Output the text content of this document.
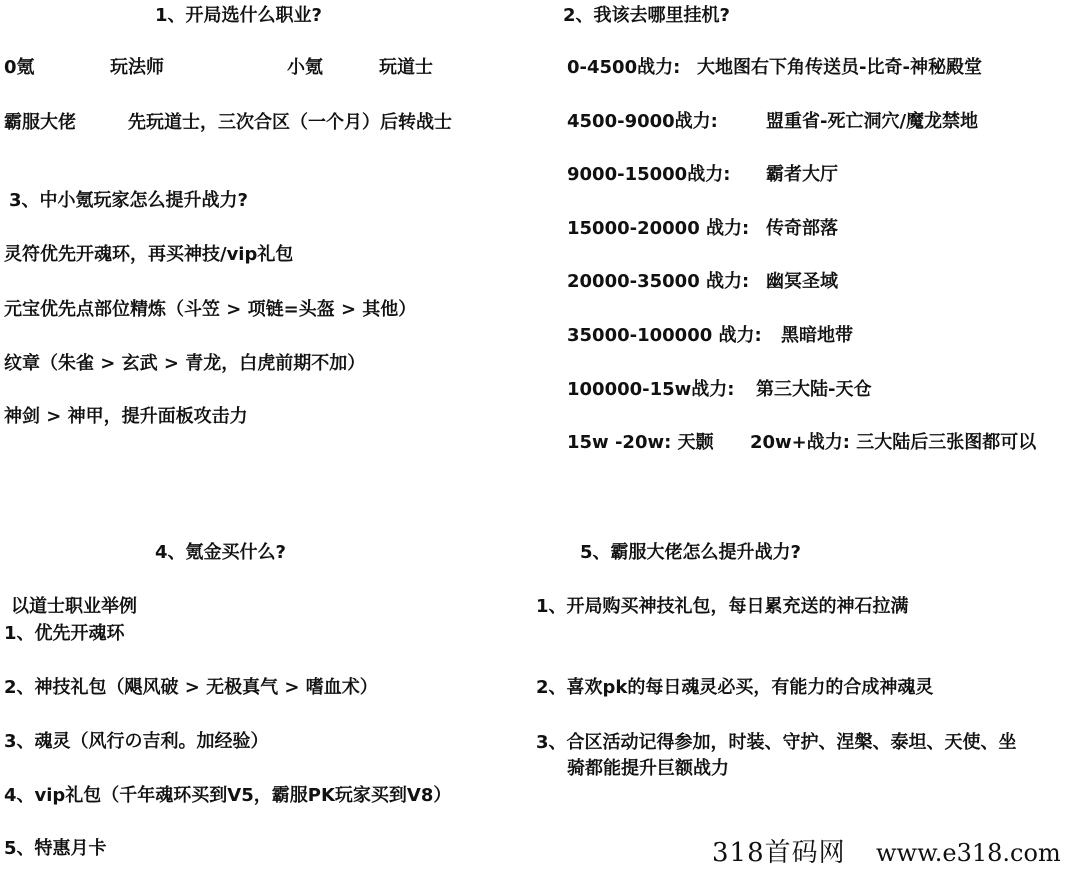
1、开局选什么职业?
0氪	玩法师	小氪	玩道士
霸服大佬	先玩道士，三次合区（一个月）后转战士
2、我该去哪里挂机?
0-4500战力: 大地图右下角传送员-比奇-神秘殿堂
4500-9000战力:	盟重省-死亡洞穴/魔龙禁地
9000-15000战力: 霸者大厅
15000-20000 战力: 传奇部落
20000-35000 战力: 幽冥圣域
35000-100000 战力: 黑暗地带
100000-15w战力: 第三大陆-天仓
15w -20w: 天颢 20w+战力: 三大陆后三张图都可以
3、中小氪玩家怎么提升战力?
灵符优先开魂环，再买神技/vip礼包
元宝优先点部位精炼（斗笠 > 项链=头盔 > 其他）
纹章（朱雀 > 玄武 > 青龙，白虎前期不加）
神剑 > 神甲，提升面板攻击力
4、氪金买什么?
以道士职业举例
1、优先开魂环
2、神技礼包（飓风破 > 无极真气 > 嗜血术）
3、魂灵（风行の吉利。加经验）
4、vip礼包（千年魂环买到V5，霸服PK玩家买到V8）
5、特惠月卡
5、霸服大佬怎么提升战力?
1、开局购买神技礼包，每日累充送的神石拉满
2、喜欢pk的每日魂灵必买，有能力的合成神魂灵
3、合区活动记得参加，时装、守护、涅槃、泰坦、天使、坐
骑都能提升巨额战力
318首码网 www.e318.com
